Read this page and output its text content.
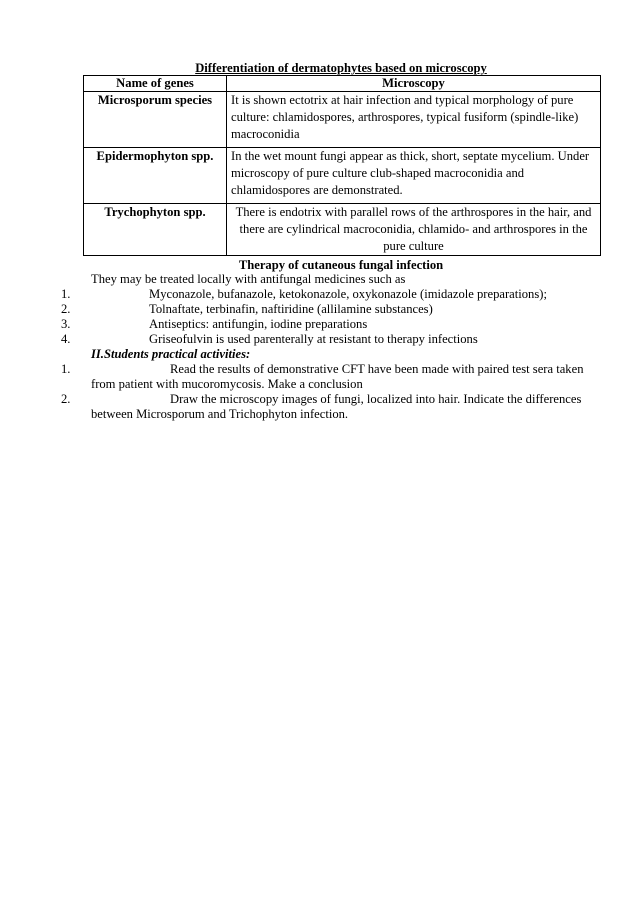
Differentiation of dermatophytes based on microscopy
Name of genes	Microscopy
Microsporum species	It is shown ectotrix at hair infection and typical morphology of pure culture: chlamidospores, arthrospores, typical fusiform (spindle-like) macroconidia
Epidermophyton spp.	In the wet mount fungi appear as thick, short, septate mycelium. Under microscopy of pure culture club-shaped macroconidia and chlamidospores are demonstrated.
Trychophyton spp.	There is endotrix with parallel rows of the arthrospores in the hair, and there are cylindrical macroconidia, chlamido- and arthrospores in the pure culture
Therapy of cutaneous fungal infection
They may be treated locally with antifungal medicines such as
1.	Myconazole, bufanazole, ketokonazole, oxykonazole (imidazole preparations);
2.	Tolnaftate, terbinafin, naftiridine (allilamine substances)
3.	Antiseptics: antifungin, iodine preparations
4.	Griseofulvin is used parenterally at resistant to therapy infections
II.Students practical activities:
1.	Read the results of demonstrative CFT have been made with paired test sera taken
from patient with mucoromycosis. Make a conclusion
2.	Draw the microscopy images of fungi, localized into hair. Indicate the differences
between Microsporum and Trichophyton infection.
